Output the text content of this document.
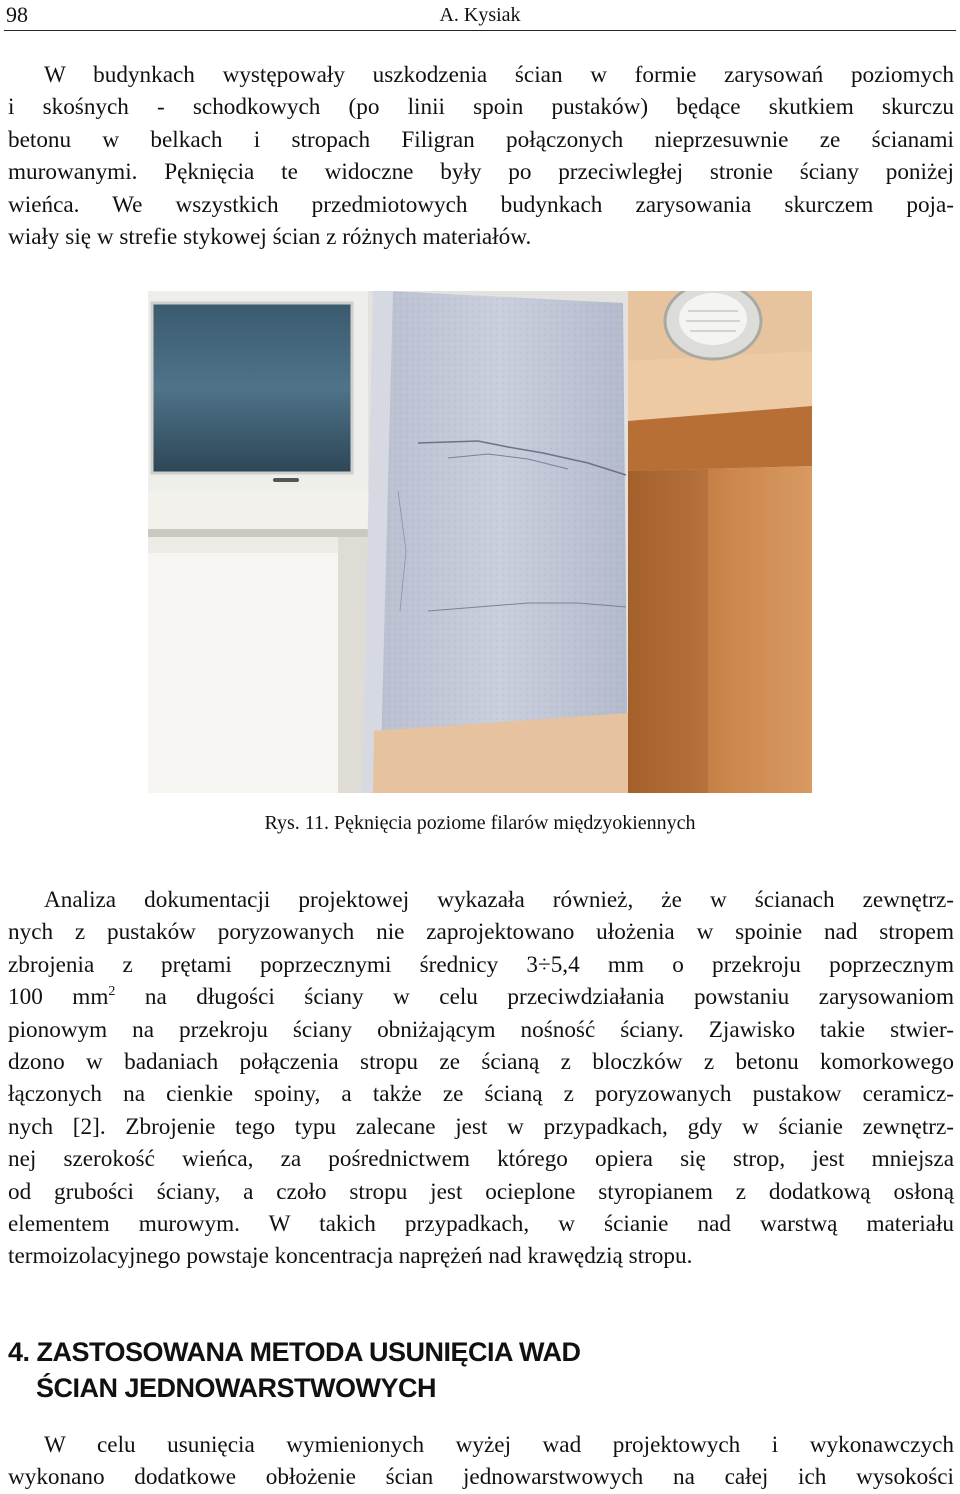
98	A. Kysiak
W budynkach występowały uszkodzenia ścian w formie zarysowań poziomych
i skośnych - schodkowych (po linii spoin pustaków) będące skutkiem skurczu
betonu w belkach i stropach Filigran połączonych nieprzesuwnie ze ścianami
murowanymi. Pęknięcia te widoczne były po przeciwległej stronie ściany poniżej
wieńca. We wszystkich przedmiotowych budynkach zarysowania skurczem poja-
wiały się w strefie stykowej ścian z różnych materiałów.
Rys. 11. Pęknięcia poziome filarów międzyokiennych
Analiza dokumentacji projektowej wykazała również, że w ścianach zewnętrz-
nych z pustaków poryzowanych nie zaprojektowano ułożenia w spoinie nad stropem
zbrojenia z prętami poprzecznymi średnicy 3÷5,4 mm o przekroju poprzecznym
100 $mm^2$ na długości ściany w celu przeciwdziałania powstaniu zarysowaniom
pionowym na przekroju ściany obniżającym nośność ściany. Zjawisko takie stwier-
dzono w badaniach połączenia stropu ze ścianą z bloczków z betonu komorkowego
łączonych na cienkie spoiny, a także ze ścianą z poryzowanych pustakow ceramicz-
nych [2]. Zbrojenie tego typu zalecane jest w przypadkach, gdy w ścianie zewnętrz-
nej szerokość wieńca, za pośrednictwem którego opiera się strop, jest mniejsza
od grubości ściany, a czoło stropu jest ocieplone styropianem z dodatkową osłoną
elementem murowym. W takich przypadkach, w ścianie nad warstwą materiału
termoizolacyjnego powstaje koncentracja naprężeń nad krawędzią stropu.
4. ZASTOSOWANA METODA USUNIĘCIA WAD
ŚCIAN JEDNOWARSTWOWYCH
W celu usunięcia wymienionych wyżej wad projektowych i wykonawczych
wykonano dodatkowe obłożenie ścian jednowarstwowych na całej ich wysokości
